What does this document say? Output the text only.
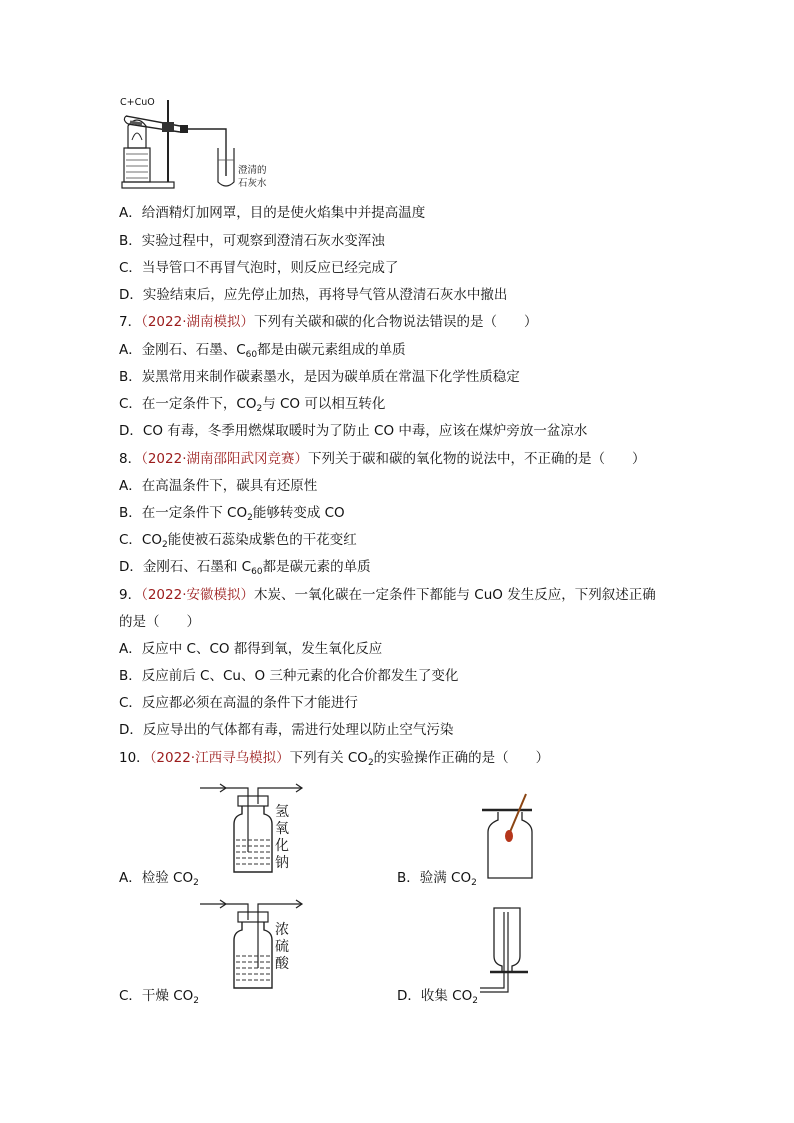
C+CuO
澄清的
石灰水
A．给酒精灯加网罩，目的是使火焰集中并提高温度
B．实验过程中，可观察到澄清石灰水变浑浊
C．当导管口不再冒气泡时，则反应已经完成了
D．实验结束后，应先停止加热，再将导气管从澄清石灰水中撤出
7．（2022·湖南模拟）下列有关碳和碳的化合物说法错误的是（　　）
A．金刚石、石墨、$C_{60}$都是由碳元素组成的单质
B．炭黑常用来制作碳素墨水，是因为碳单质在常温下化学性质稳定
C．在一定条件下，$CO_2$与 CO 可以相互转化
D．CO 有毒，冬季用燃煤取暖时为了防止 CO 中毒，应该在煤炉旁放一盆凉水
8．（2022·湖南邵阳武冈竞赛）下列关于碳和碳的氧化物的说法中，不正确的是（　　）
A．在高温条件下，碳具有还原性
B．在一定条件下 $CO_2$能够转变成 CO
C．$CO_2$能使被石蕊染成紫色的干花变红
D．金刚石、石墨和 $C_{60}$都是碳元素的单质
9．（2022·安徽模拟）木炭、一氧化碳在一定条件下都能与 CuO 发生反应，下列叙述正确
的是（　　）
A．反应中 C、CO 都得到氧，发生氧化反应
B．反应前后 C、Cu、O 三种元素的化合价都发生了变化
C．反应都必须在高温的条件下才能进行
D．反应导出的气体都有毒，需进行处理以防止空气污染
10．（2022·江西寻乌模拟）下列有关 $CO_2$的实验操作正确的是（　　）
氢
氧
化
钠
A．检验 $CO_2$	B．验满 $CO_2$
浓
硫
酸
C．干燥 $CO_2$	D．收集 $CO_2$
